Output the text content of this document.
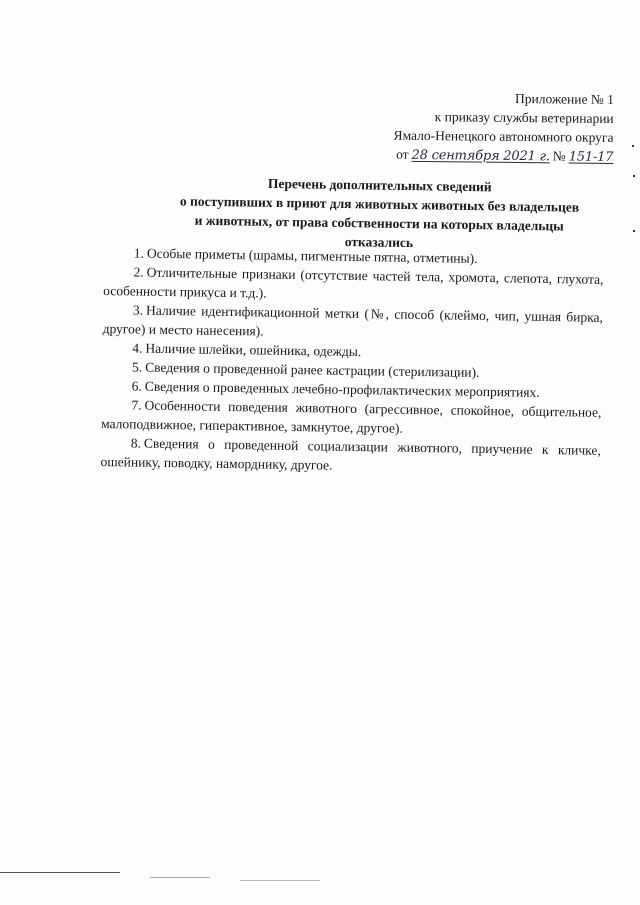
Приложение № 1
к приказу службы ветеринарии
Ямало-Ненецкого автономного округа
от 28 сентября 2021 г. № 151-17
Перечень дополнительных сведений
о поступивших в приют для животных животных без владельцев
и животных, от права собственности на которых владельцы
отказались

1. Особые приметы (шрамы, пигментные пятна, отметины).

2. Отличительные признаки (отсутствие частей тела, хромота, слепота, глухота, особенности прикуса и т.д.).

3. Наличие идентификационной метки (№, способ (клеймо, чип, ушная бирка, другое) и место нанесения).

4. Наличие шлейки, ошейника, одежды.

5. Сведения о проведенной ранее кастрации (стерилизации).

6. Сведения о проведенных лечебно-профилактических мероприятиях.

7. Особенности поведения животного (агрессивное, спокойное, общительное, малоподвижное, гиперактивное, замкнутое, другое).

8. Сведения о проведенной социализации животного, приучение к кличке, ошейнику, поводку, наморднику, другое.
